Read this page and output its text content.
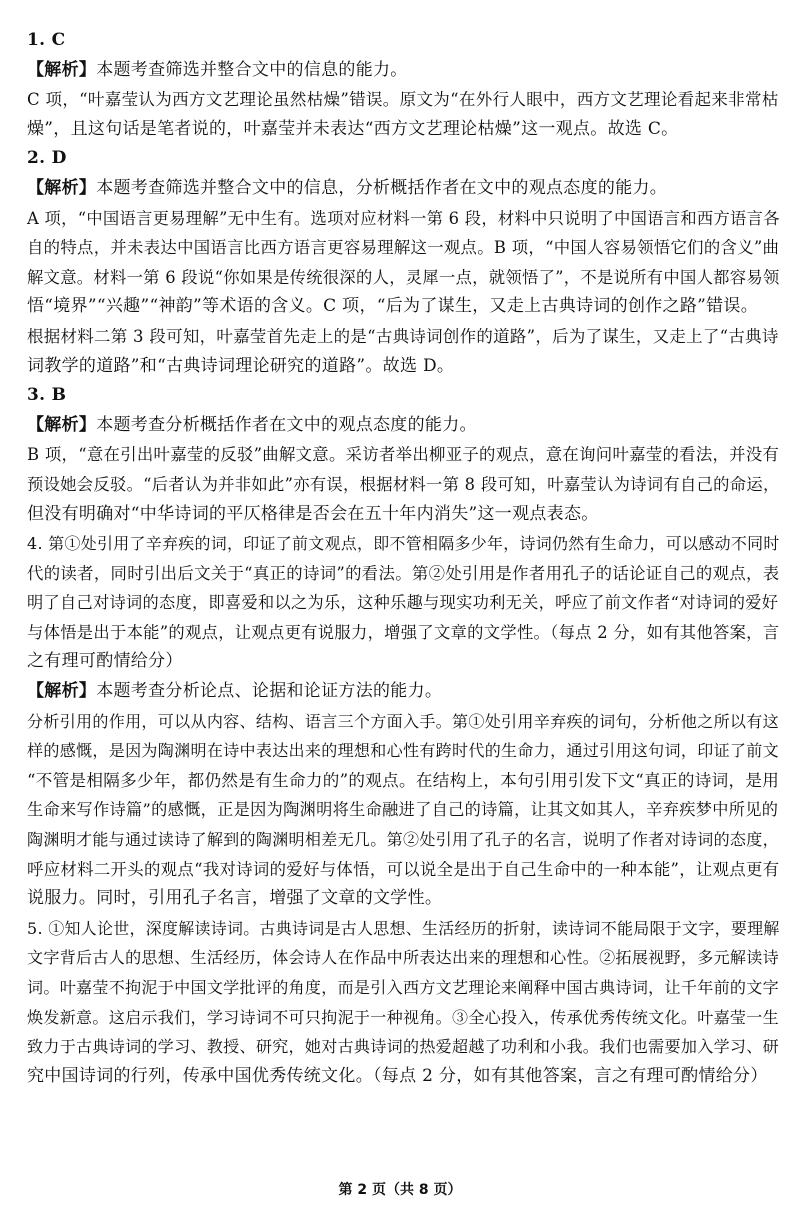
1. C
【解析】本题考查筛选并整合文中的信息的能力。
C 项，“叶嘉莹认为西方文艺理论虽然枯燥”错误。原文为“在外行人眼中，西方文艺理论看起来非常枯
燥”，且这句话是笔者说的，叶嘉莹并未表达“西方文艺理论枯燥”这一观点。故选 C。
2. D
【解析】本题考查筛选并整合文中的信息，分析概括作者在文中的观点态度的能力。
A 项，“中国语言更易理解”无中生有。选项对应材料一第 6 段，材料中只说明了中国语言和西方语言各
自的特点，并未表达中国语言比西方语言更容易理解这一观点。B 项，“中国人容易领悟它们的含义”曲
解文意。材料一第 6 段说“你如果是传统很深的人，灵犀一点，就领悟了”，不是说所有中国人都容易领
悟“境界”“兴趣”“神韵”等术语的含义。C 项，“后为了谋生，又走上古典诗词的创作之路”错误。
根据材料二第 3 段可知，叶嘉莹首先走上的是“古典诗词创作的道路”，后为了谋生，又走上了“古典诗
词教学的道路”和“古典诗词理论研究的道路”。故选 D。
3. B
【解析】本题考查分析概括作者在文中的观点态度的能力。
B 项，“意在引出叶嘉莹的反驳”曲解文意。采访者举出柳亚子的观点，意在询问叶嘉莹的看法，并没有
预设她会反驳。“后者认为并非如此”亦有误，根据材料一第 8 段可知，叶嘉莹认为诗词有自己的命运，
但没有明确对“中华诗词的平仄格律是否会在五十年内消失”这一观点表态。
4. 第①处引用了辛弃疾的词，印证了前文观点，即不管相隔多少年，诗词仍然有生命力，可以感动不同时
代的读者，同时引出后文关于“真正的诗词”的看法。第②处引用是作者用孔子的话论证自己的观点，表
明了自己对诗词的态度，即喜爱和以之为乐，这种乐趣与现实功利无关，呼应了前文作者“对诗词的爱好
与体悟是出于本能”的观点，让观点更有说服力，增强了文章的文学性。（每点 2 分，如有其他答案，言
之有理可酌情给分）
【解析】本题考查分析论点、论据和论证方法的能力。
分析引用的作用，可以从内容、结构、语言三个方面入手。第①处引用辛弃疾的词句，分析他之所以有这
样的感慨，是因为陶渊明在诗中表达出来的理想和心性有跨时代的生命力，通过引用这句词，印证了前文
“不管是相隔多少年，都仍然是有生命力的”的观点。在结构上，本句引用引发下文“真正的诗词，是用
生命来写作诗篇”的感慨，正是因为陶渊明将生命融进了自己的诗篇，让其文如其人，辛弃疾梦中所见的
陶渊明才能与通过读诗了解到的陶渊明相差无几。第②处引用了孔子的名言，说明了作者对诗词的态度，
呼应材料二开头的观点“我对诗词的爱好与体悟，可以说全是出于自己生命中的一种本能”，让观点更有
说服力。同时，引用孔子名言，增强了文章的文学性。
5. ①知人论世，深度解读诗词。古典诗词是古人思想、生活经历的折射，读诗词不能局限于文字，要理解
文字背后古人的思想、生活经历，体会诗人在作品中所表达出来的理想和心性。②拓展视野，多元解读诗
词。叶嘉莹不拘泥于中国文学批评的角度，而是引入西方文艺理论来阐释中国古典诗词，让千年前的文字
焕发新意。这启示我们，学习诗词不可只拘泥于一种视角。③全心投入，传承优秀传统文化。叶嘉莹一生
致力于古典诗词的学习、教授、研究，她对古典诗词的热爱超越了功利和小我。我们也需要加入学习、研
究中国诗词的行列，传承中国优秀传统文化。（每点 2 分，如有其他答案，言之有理可酌情给分）
第 2 页（共 8 页）
